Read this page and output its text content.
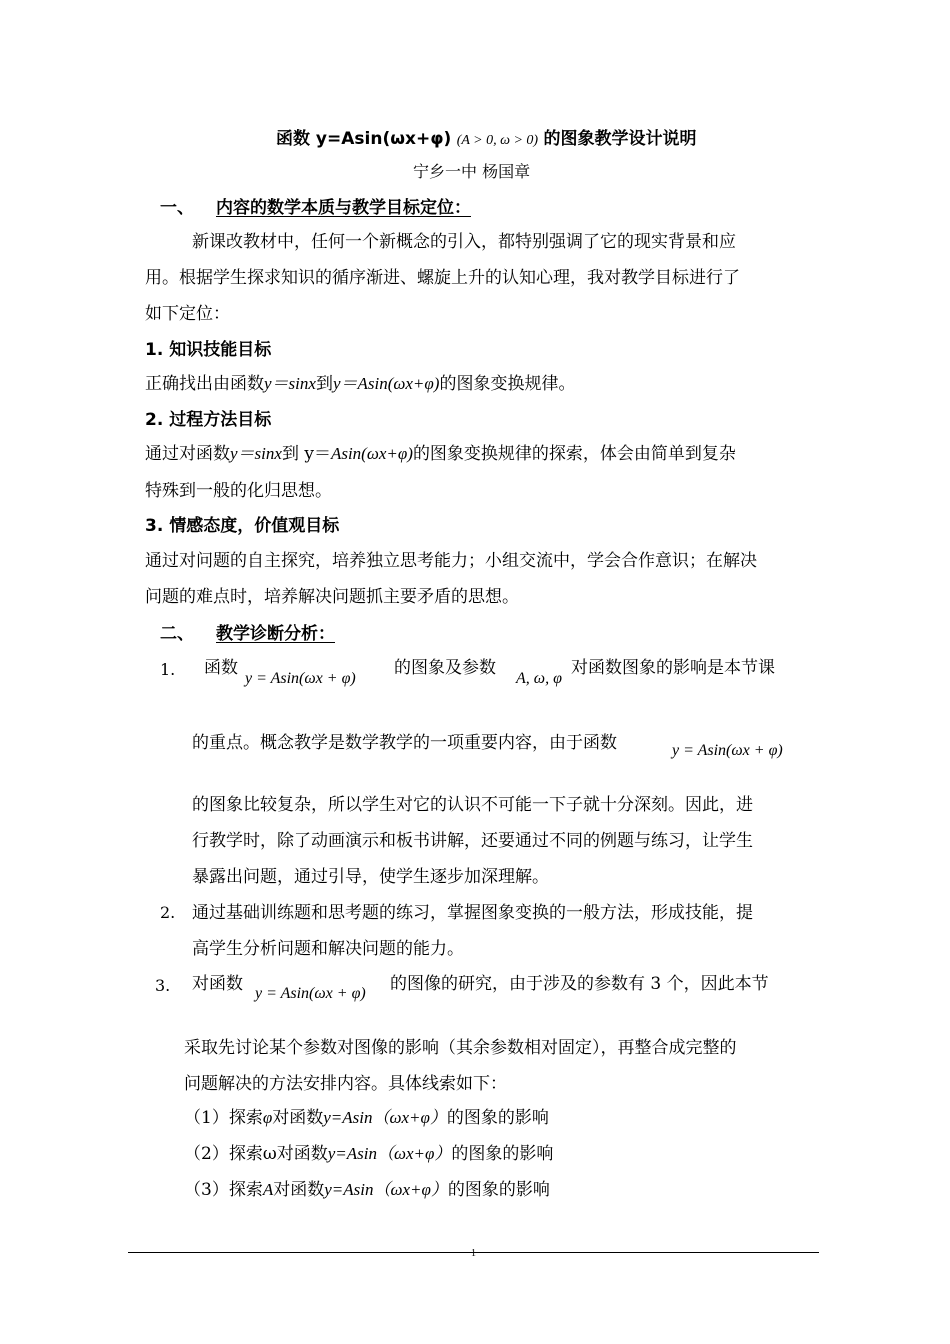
函数 y=Asin(ωx+φ) (A > 0, ω > 0) 的图象教学设计说明
宁乡一中 杨国章
一、 内容的数学本质与教学目标定位：
新课改教材中，任何一个新概念的引入，都特别强调了它的现实背景和应
用。根据学生探求知识的循序渐进、螺旋上升的认知心理，我对教学目标进行了
如下定位：
1. 知识技能目标
正确找出由函数y＝sinx到y＝Asin(ωx+φ)的图象变换规律。
2. 过程方法目标
通过对函数y＝sinx到 y＝Asin(ωx+φ)的图象变换规律的探索，体会由简单到复杂
特殊到一般的化归思想。
3. 情感态度，价值观目标
通过对问题的自主探究，培养独立思考能力；小组交流中，学会合作意识；在解决
问题的难点时，培养解决问题抓主要矛盾的思想。
二、 教学诊断分析：
1. 函数
y = Asin(ωx + φ)
的图象及参数
A, ω, φ
对函数图象的影响是本节课
的重点。概念教学是数学教学的一项重要内容，由于函数	y = Asin(ωx + φ)
的图象比较复杂，所以学生对它的认识不可能一下子就十分深刻。因此，进
行教学时，除了动画演示和板书讲解，还要通过不同的例题与练习，让学生
暴露出问题，通过引导，使学生逐步加深理解。
2. 通过基础训练题和思考题的练习，掌握图象变换的一般方法，形成技能，提
高学生分析问题和解决问题的能力。
3. 对函数 y = Asin(ωx + φ) 的图像的研究，由于涉及的参数有 3 个，因此本节
采取先讨论某个参数对图像的影响（其余参数相对固定），再整合成完整的
问题解决的方法安排内容。具体线索如下：
（1）探索φ对函数y=Asin（ωx+φ）的图象的影响
（2）探索ω对函数y=Asin（ωx+φ）的图象的影响
（3）探索A对函数y=Asin（ωx+φ）的图象的影响
1
